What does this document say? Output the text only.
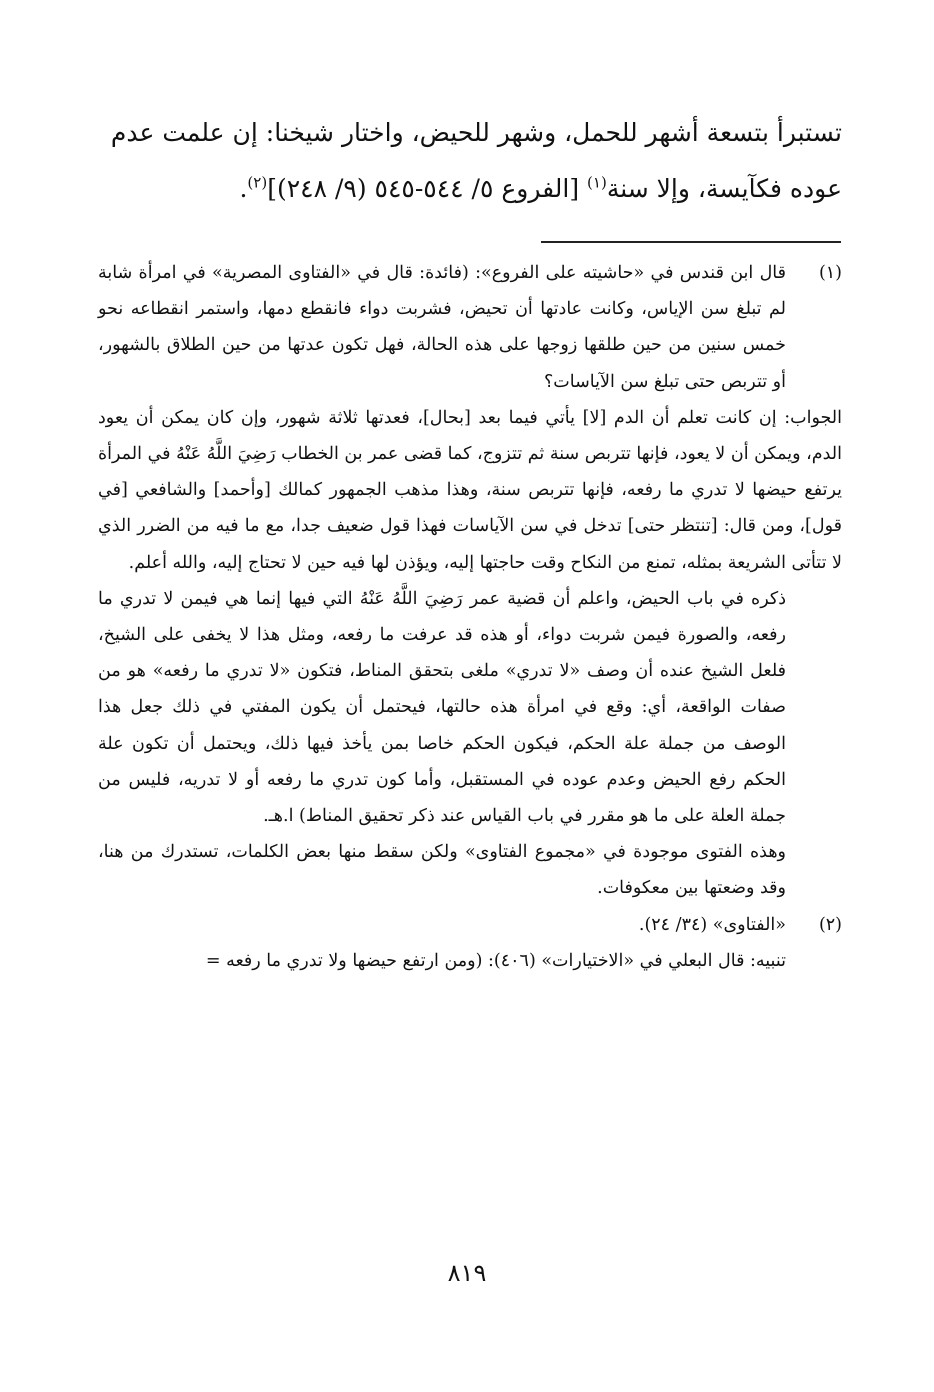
تستبرأ بتسعة أشهر للحمل، وشهر للحيض، واختار شيخنا: إن علمت عدم

عوده فكآيسة، وإلا سنة$^{(١)}$ [الفروع ٥/ ٥٤٤-٥٤٥ (٩/ ٢٤٨)]$^{(٢)}$.

(١)

قال ابن قندس في «حاشيته على الفروع»: (فائدة: قال في «الفتاوى المصرية» في امرأة شابة لم تبلغ سن الإياس، وكانت عادتها أن تحيض، فشربت دواء فانقطع دمها، واستمر انقطاعه نحو خمس سنين من حين طلقها زوجها على هذه الحالة، فهل تكون عدتها من حين الطلاق بالشهور، أو تتربص حتى تبلغ سن الآياسات؟

الجواب: إن كانت تعلم أن الدم [لا] يأتي فيما بعد [بحال]، فعدتها ثلاثة شهور، وإن كان يمكن أن يعود الدم، ويمكن أن لا يعود، فإنها تتربص سنة ثم تتزوج، كما قضى عمر بن الخطاب رَضِيَ اللَّهُ عَنْهُ في المرأة يرتفع حيضها لا تدري ما رفعه، فإنها تتربص سنة، وهذا مذهب الجمهور كمالك [وأحمد] والشافعي [في قول]، ومن قال: [تنتظر حتى] تدخل في سن الآياسات فهذا قول ضعيف جدا، مع ما فيه من الضرر الذي لا تتأتى الشريعة بمثله، تمنع من النكاح وقت حاجتها إليه، ويؤذن لها فيه حين لا تحتاج إليه، والله أعلم.

ذكره في باب الحيض، واعلم أن قضية عمر رَضِيَ اللَّهُ عَنْهُ التي فيها إنما هي فيمن لا تدري ما رفعه، والصورة فيمن شربت دواء، أو هذه قد عرفت ما رفعه، ومثل هذا لا يخفى على الشيخ، فلعل الشيخ عنده أن وصف «لا تدري» ملغى بتحقق المناط، فتكون «لا تدري ما رفعه» هو من صفات الواقعة، أي: وقع في امرأة هذه حالتها، فيحتمل أن يكون المفتي في ذلك جعل هذا الوصف من جملة علة الحكم، فيكون الحكم خاصا بمن يأخذ فيها ذلك، ويحتمل أن تكون علة الحكم رفع الحيض وعدم عوده في المستقبل، وأما كون تدري ما رفعه أو لا تدريه، فليس من جملة العلة على ما هو مقرر في باب القياس عند ذكر تحقيق المناط) ا.هـ.

وهذه الفتوى موجودة في «مجموع الفتاوى» ولكن سقط منها بعض الكلمات، تستدرك من هنا، وقد وضعتها بين معكوفات.

(٢)

«الفتاوى» (٣٤/ ٢٤).

تنبيه: قال البعلي في «الاختيارات» (٤٠٦): (ومن ارتفع حيضها ولا تدري ما رفعه =

٨١٩
